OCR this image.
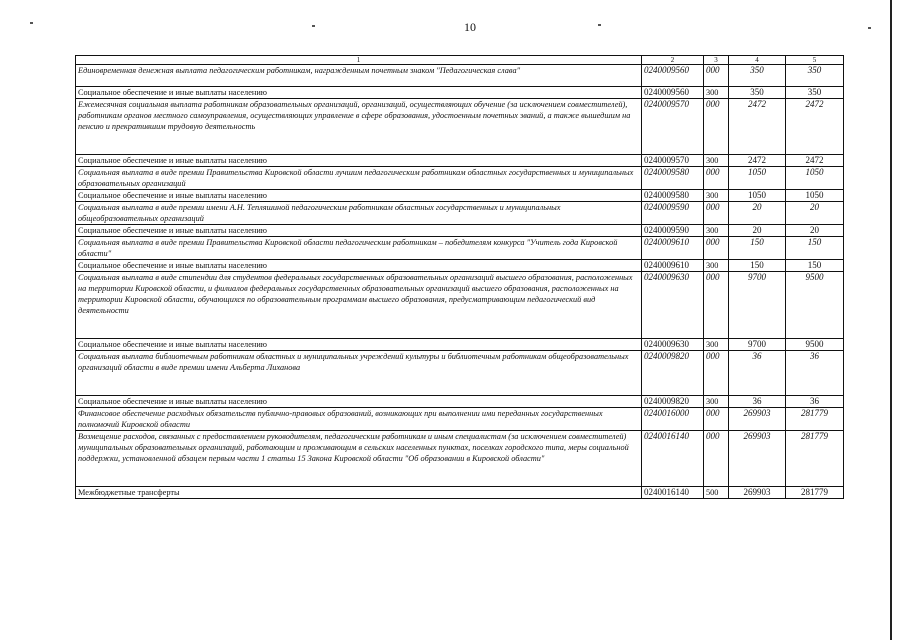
10
1	2	3	4	5
Единовременная денежная выплата педагогическим работникам, награжденным почетным знаком "Педагогическая слава"	0240009560	000	350	350
Социальное обеспечение и иные выплаты населению	0240009560	300	350	350
Ежемесячная социальная выплата работникам образовательных организаций, организаций, осуществляющих обучение (за исключением совместителей), работникам органов местного самоуправления, осуществляющих управление в сфере образования, удостоенным почетных званий, а также вышедшим на пенсию и прекратившим трудовую деятельность	0240009570	000	2472	2472
Социальное обеспечение и иные выплаты населению	0240009570	300	2472	2472
Социальная выплата в виде премии Правительства Кировской области лучшим педагогическим работникам областных государственных и муниципальных образовательных организаций	0240009580	000	1050	1050
Социальное обеспечение и иные выплаты населению	0240009580	300	1050	1050
Социальная выплата в виде премии имени А.Н. Тепляшиной педагогическим работникам областных государственных и муниципальных общеобразовательных организаций	0240009590	000	20	20
Социальное обеспечение и иные выплаты населению	0240009590	300	20	20
Социальная выплата в виде премии Правительства Кировской области педагогическим работникам – победителям конкурса "Учитель года Кировской области"	0240009610	000	150	150
Социальное обеспечение и иные выплаты населению	0240009610	300	150	150
Социальная выплата в виде стипендии для студентов федеральных государственных образовательных организаций высшего образования, расположенных на территории Кировской области, и филиалов федеральных государственных образовательных организаций высшего образования, расположенных на территории Кировской области, обучающихся по образовательным программам высшего образования, предусматривающим педагогический вид деятельности	0240009630	000	9700	9500
Социальное обеспечение и иные выплаты населению	0240009630	300	9700	9500
Социальная выплата библиотечным работникам областных и муниципальных учреждений культуры и библиотечным работникам общеобразовательных организаций области в виде премии имени Альберта Лиханова	0240009820	000	36	36
Социальное обеспечение и иные выплаты населению	0240009820	300	36	36
Финансовое обеспечение расходных обязательств публично-правовых образований, возникающих при выполнении ими переданных государственных полномочий Кировской области	0240016000	000	269903	281779
Возмещение расходов, связанных с предоставлением руководителям, педагогическим работникам и иным специалистам (за исключением совместителей) муниципальных образовательных организаций, работающим и проживающим в сельских населенных пунктах, поселках городского типа, меры социальной поддержки, установленной абзацем первым части 1 статьи 15 Закона Кировской области "Об образовании в Кировской области"	0240016140	000	269903	281779
Межбюджетные трансферты	0240016140	500	269903	281779
